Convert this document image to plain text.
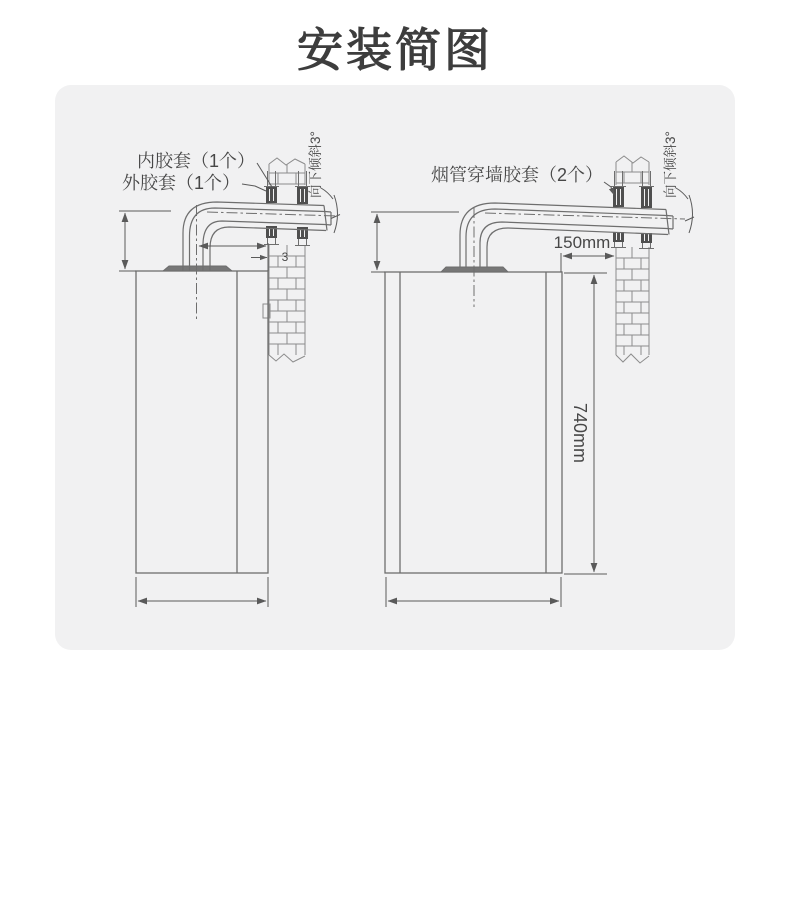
安装简图
内胶套（1个）
外胶套（1个）
3
向下倾斜3°	烟管穿墙胶套（2个）
150mm
740mm
向下倾斜3°
